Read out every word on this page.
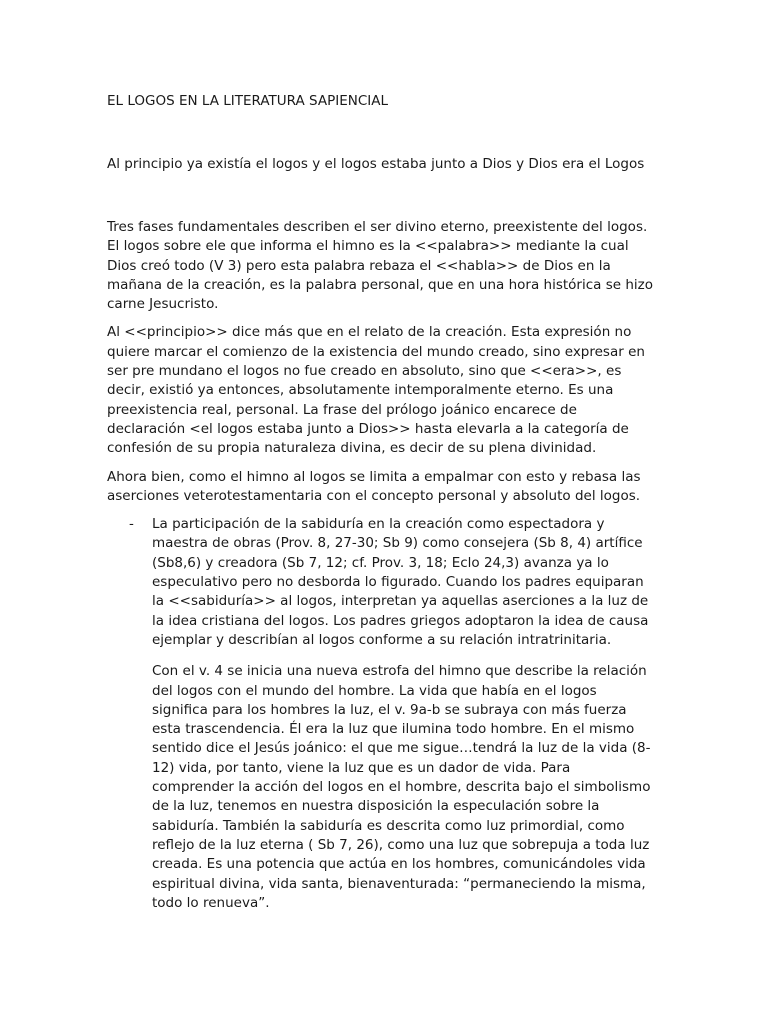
EL LOGOS EN LA LITERATURA SAPIENCIAL

Al principio ya existía el logos y el logos estaba junto a Dios y Dios era el Logos

Tres fases fundamentales describen el ser divino eterno, preexistente del logos. El logos sobre ele que informa el himno es la <<palabra>> mediante la cual Dios creó todo (V 3) pero esta palabra rebaza el <<habla>> de Dios en la mañana de la creación, es la palabra personal, que en una hora histórica se hizo carne Jesucristo.

Al <<principio>> dice más que en el relato de la creación. Esta expresión no quiere marcar el comienzo de la existencia del mundo creado, sino expresar en ser pre mundano el logos no fue creado en absoluto, sino que <<era>>, es decir, existió ya entonces, absolutamente intemporalmente eterno. Es una preexistencia real, personal. La frase del prólogo joánico encarece de declaración <el logos estaba junto a Dios>> hasta elevarla a la categoría de confesión de su propia naturaleza divina, es decir de su plena divinidad.

Ahora bien, como el himno al logos se limita a empalmar con esto y rebasa las aserciones veterotestamentaria con el concepto personal y absoluto del logos.

- La participación de la sabiduría en la creación como espectadora y maestra de obras (Prov. 8, 27-30; Sb 9) como consejera (Sb 8, 4) artífice (Sb8,6) y creadora (Sb 7, 12; cf. Prov. 3, 18; Eclo 24,3) avanza ya lo especulativo pero no desborda lo figurado. Cuando los padres equiparan la <<sabiduría>> al logos, interpretan ya aquellas aserciones a la luz de la idea cristiana del logos. Los padres griegos adoptaron la idea de causa ejemplar y describían al logos conforme a su relación intratrinitaria.

Con el v. 4 se inicia una nueva estrofa del himno que describe la relación del logos con el mundo del hombre. La vida que había en el logos significa para los hombres la luz, el v. 9a-b se subraya con más fuerza esta trascendencia. Él era la luz que ilumina todo hombre. En el mismo sentido dice el Jesús joánico: el que me sigue…tendrá la luz de la vida (8-12) vida, por tanto, viene la luz que es un dador de vida. Para comprender la acción del logos en el hombre, descrita bajo el simbolismo de la luz, tenemos en nuestra disposición la especulación sobre la sabiduría. También la sabiduría es descrita como luz primordial, como reflejo de la luz eterna ( Sb 7, 26), como una luz que sobrepuja a toda luz creada. Es una potencia que actúa en los hombres, comunicándoles vida espiritual divina, vida santa, bienaventurada: “permaneciendo la misma, todo lo renueva”.
